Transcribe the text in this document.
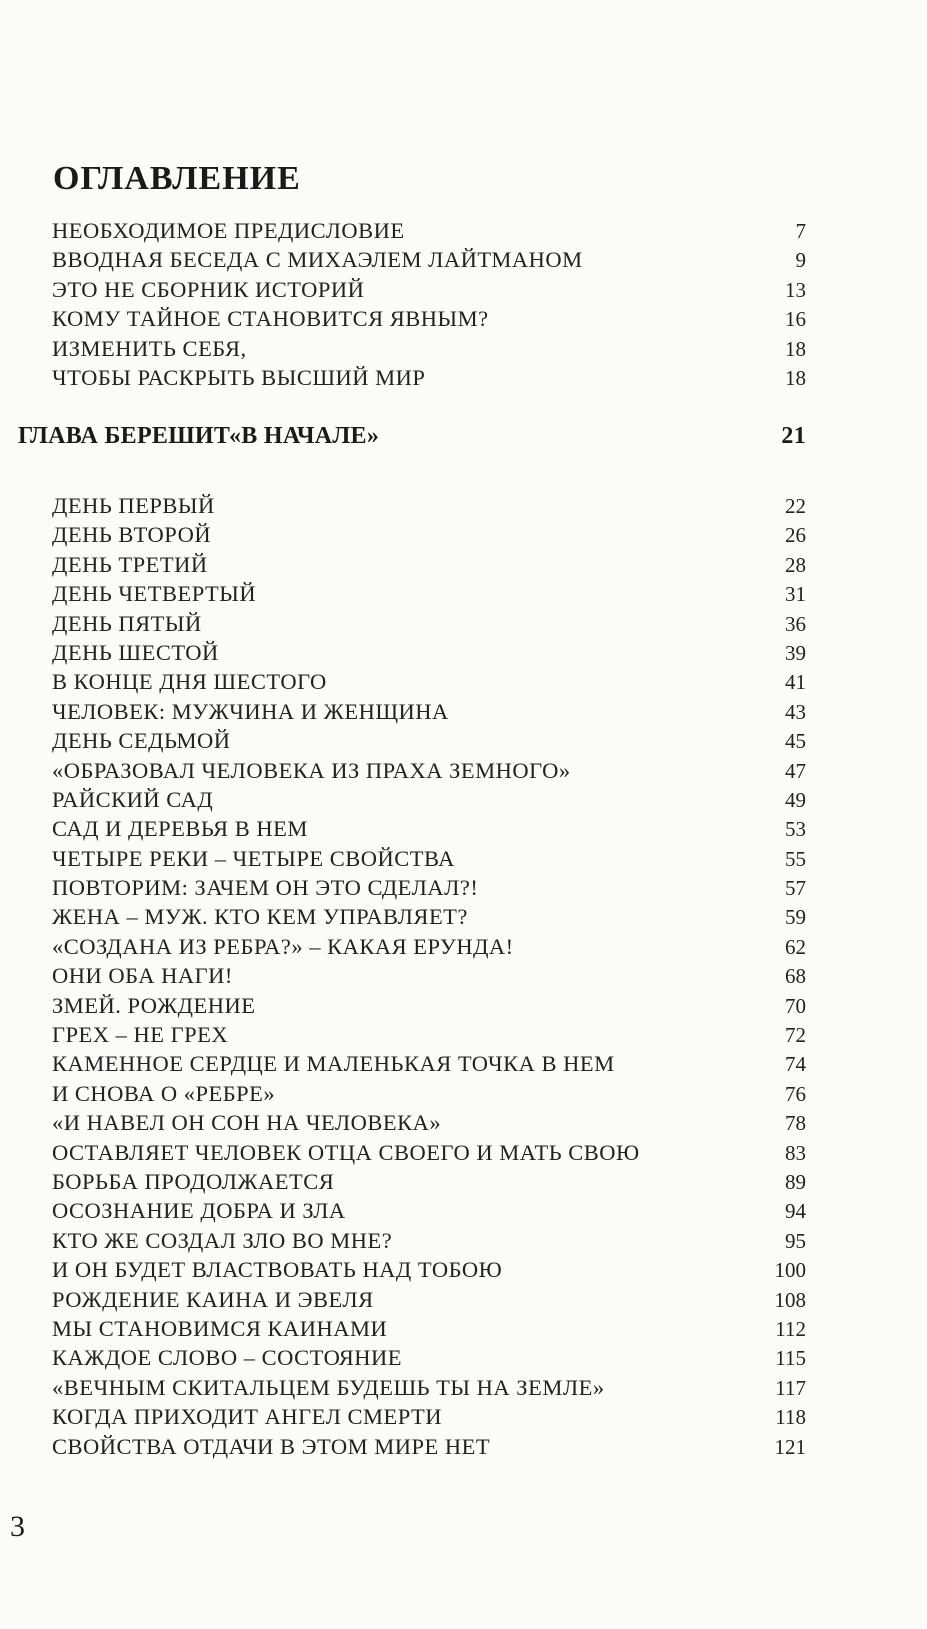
ОГЛАВЛЕНИЕ
НЕОБХОДИМОЕ ПРЕДИСЛОВИЕ	7
ВВОДНАЯ БЕСЕДА С МИХАЭЛЕМ ЛАЙТМАНОМ	9
ЭТО НЕ СБОРНИК ИСТОРИЙ	13
КОМУ ТАЙНОЕ СТАНОВИТСЯ ЯВНЫМ?	16
ИЗМЕНИТЬ СЕБЯ,	18
ЧТОБЫ РАСКРЫТЬ ВЫСШИЙ МИР	18
ГЛАВА БЕРЕШИТ«В НАЧАЛЕ»	21
ДЕНЬ ПЕРВЫЙ	22
ДЕНЬ ВТОРОЙ	26
ДЕНЬ ТРЕТИЙ	28
ДЕНЬ ЧЕТВЕРТЫЙ	31
ДЕНЬ ПЯТЫЙ	36
ДЕНЬ ШЕСТОЙ	39
В КОНЦЕ ДНЯ ШЕСТОГО	41
ЧЕЛОВЕК: МУЖЧИНА И ЖЕНЩИНА	43
ДЕНЬ СЕДЬМОЙ	45
«ОБРАЗОВАЛ ЧЕЛОВЕКА ИЗ ПРАХА ЗЕМНОГО»	47
РАЙСКИЙ САД	49
САД И ДЕРЕВЬЯ В НЕМ	53
ЧЕТЫРЕ РЕКИ – ЧЕТЫРЕ СВОЙСТВА	55
ПОВТОРИМ: ЗАЧЕМ ОН ЭТО СДЕЛАЛ?!	57
ЖЕНА – МУЖ. КТО КЕМ УПРАВЛЯЕТ?	59
«СОЗДАНА ИЗ РЕБРА?» – КАКАЯ ЕРУНДА!	62
ОНИ ОБА НАГИ!	68
ЗМЕЙ. РОЖДЕНИЕ	70
ГРЕХ – НЕ ГРЕХ	72
КАМЕННОЕ СЕРДЦЕ И МАЛЕНЬКАЯ ТОЧКА В НЕМ	74
И СНОВА О «РЕБРЕ»	76
«И НАВЕЛ ОН СОН НА ЧЕЛОВЕКА»	78
ОСТАВЛЯЕТ ЧЕЛОВЕК ОТЦА СВОЕГО И МАТЬ СВОЮ	83
БОРЬБА ПРОДОЛЖАЕТСЯ	89
ОСОЗНАНИЕ ДОБРА И ЗЛА	94
КТО ЖЕ СОЗДАЛ ЗЛО ВО МНЕ?	95
И ОН БУДЕТ ВЛАСТВОВАТЬ НАД ТОБОЮ	100
РОЖДЕНИЕ КАИНА И ЭВЕЛЯ	108
МЫ СТАНОВИМСЯ КАИНАМИ	112
КАЖДОЕ СЛОВО – СОСТОЯНИЕ	115
«ВЕЧНЫМ СКИТАЛЬЦЕМ БУДЕШЬ ТЫ НА ЗЕМЛЕ»	117
КОГДА ПРИХОДИТ АНГЕЛ СМЕРТИ	118
СВОЙСТВА ОТДАЧИ В ЭТОМ МИРЕ НЕТ	121
3
